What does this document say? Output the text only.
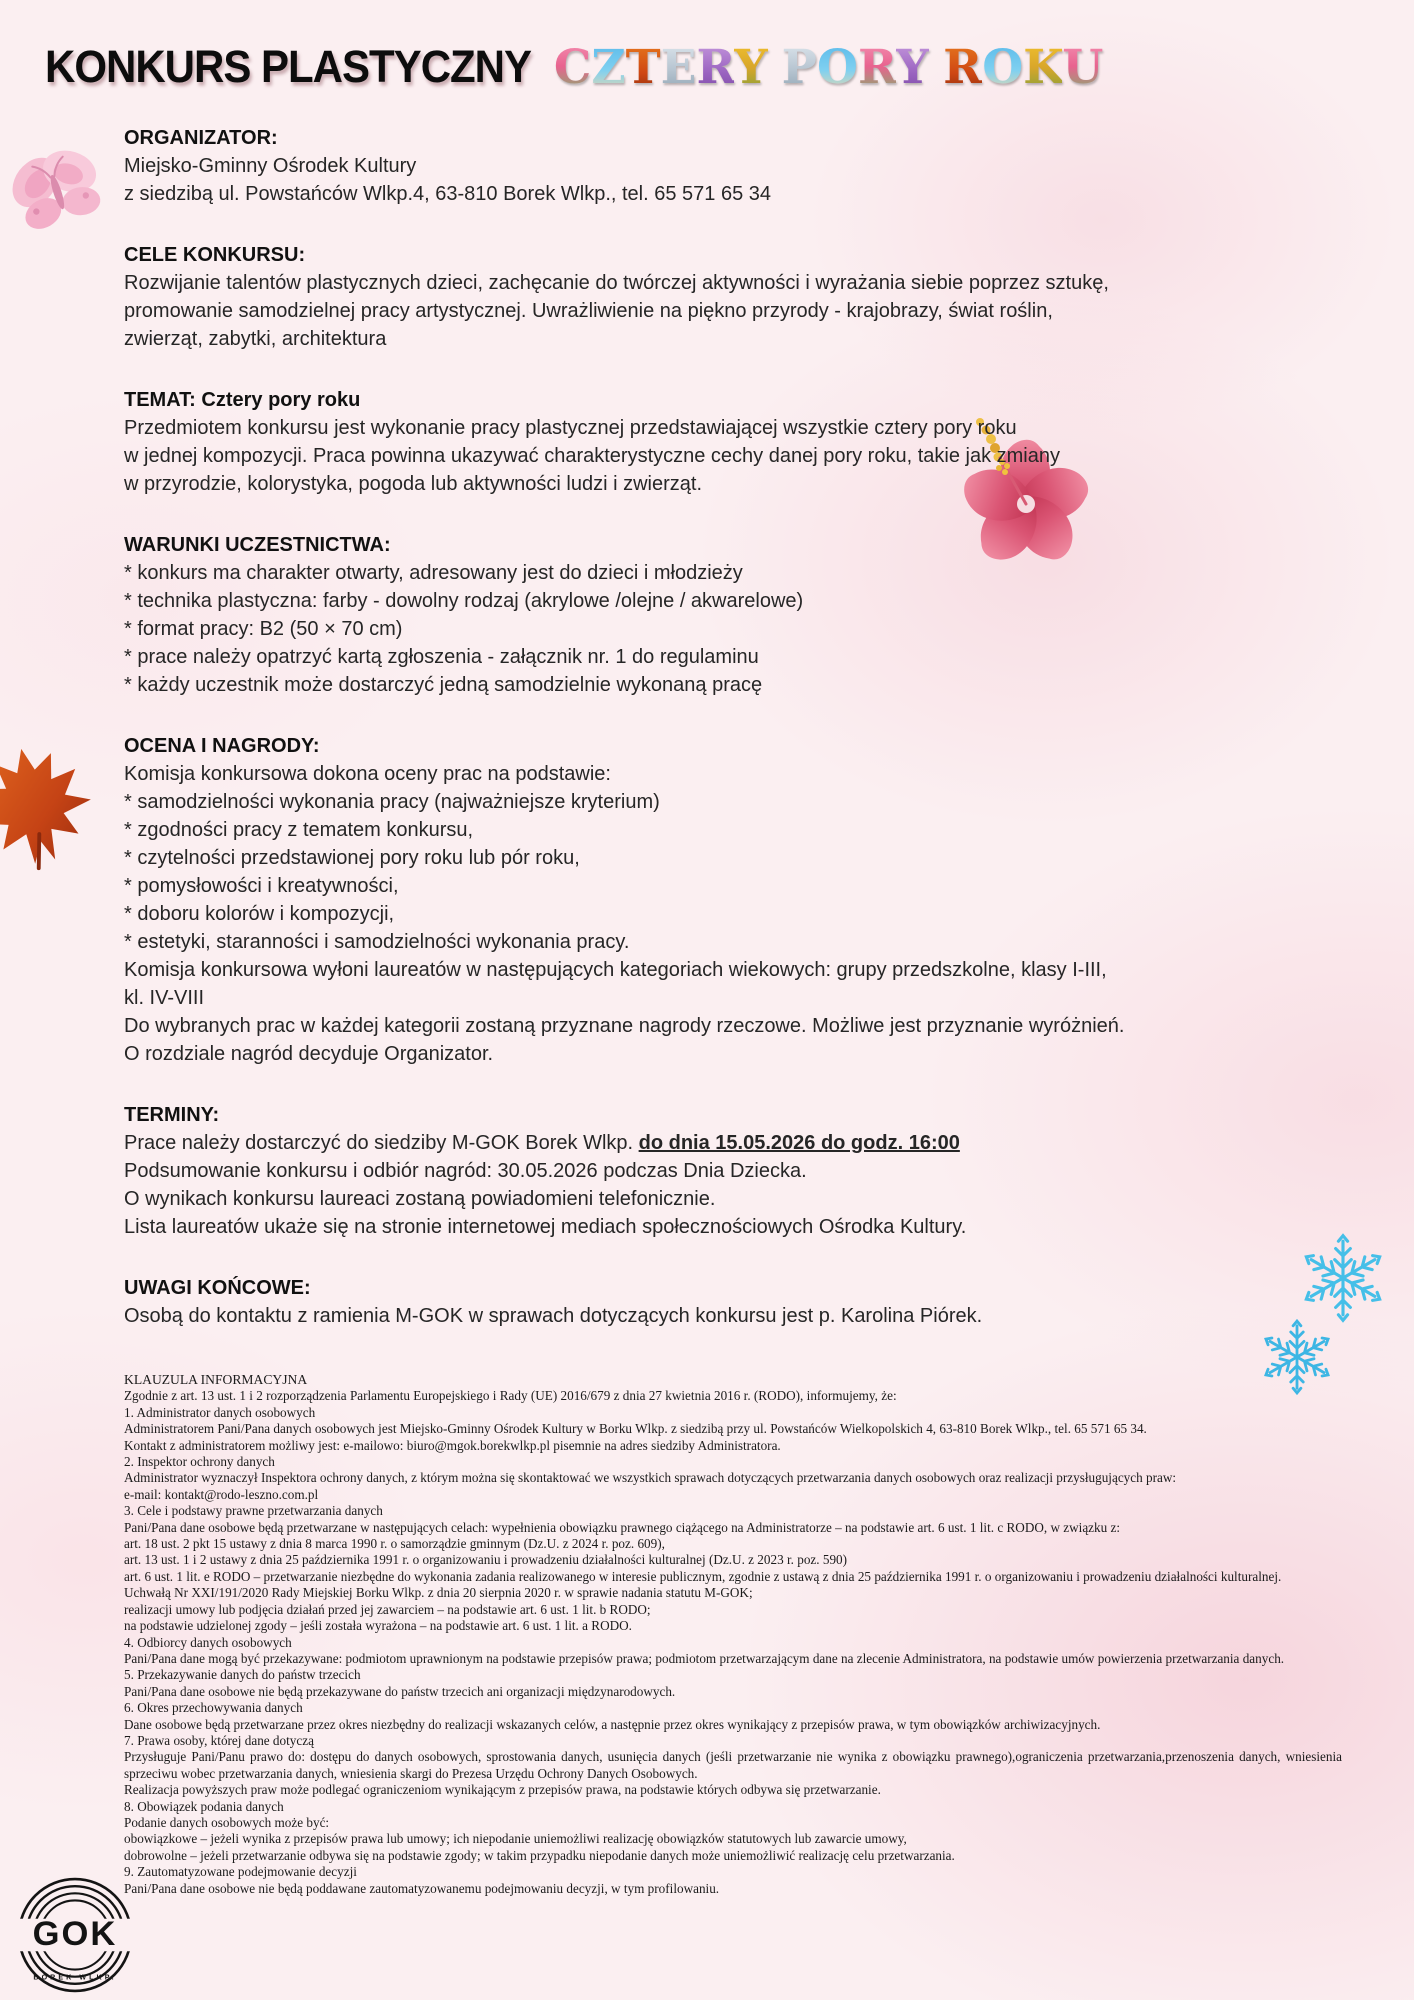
GOK
BOREK WLKP.
KONKURS PLASTYCZNY CZTERY PORY ROKU
ORGANIZATOR:
Miejsko-Gminny Ośrodek Kultury
z siedzibą ul. Powstańców Wlkp.4, 63-810 Borek Wlkp., tel. 65 571 65 34
CELE KONKURSU:
Rozwijanie talentów plastycznych dzieci, zachęcanie do twórczej aktywności i wyrażania siebie poprzez sztukę,
promowanie samodzielnej pracy artystycznej. Uwrażliwienie na piękno przyrody - krajobrazy, świat roślin,
zwierząt, zabytki, architektura
TEMAT: Cztery pory roku
Przedmiotem konkursu jest wykonanie pracy plastycznej przedstawiającej wszystkie cztery pory roku
w jednej kompozycji. Praca powinna ukazywać charakterystyczne cechy danej pory roku, takie jak zmiany
w przyrodzie, kolorystyka, pogoda lub aktywności ludzi i zwierząt.
WARUNKI UCZESTNICTWA:
* konkurs ma charakter otwarty, adresowany jest do dzieci i młodzieży
* technika plastyczna: farby - dowolny rodzaj (akrylowe /olejne / akwarelowe)
* format pracy: B2 (50 × 70 cm)
* prace należy opatrzyć kartą zgłoszenia - załącznik nr. 1 do regulaminu
* każdy uczestnik może dostarczyć jedną samodzielnie wykonaną pracę
OCENA I NAGRODY:
Komisja konkursowa dokona oceny prac na podstawie:
* samodzielności wykonania pracy (najważniejsze kryterium)
* zgodności pracy z tematem konkursu,
* czytelności przedstawionej pory roku lub pór roku,
* pomysłowości i kreatywności,
* doboru kolorów i kompozycji,
* estetyki, staranności i samodzielności wykonania pracy.
Komisja konkursowa wyłoni laureatów w następujących kategoriach wiekowych: grupy przedszkolne, klasy I-III,
kl. IV-VIII
Do wybranych prac w każdej kategorii zostaną przyznane nagrody rzeczowe. Możliwe jest przyznanie wyróżnień.
O rozdziale nagród decyduje Organizator.
TERMINY:
Prace należy dostarczyć do siedziby M-GOK Borek Wlkp. do dnia 15.05.2026 do godz. 16:00
Podsumowanie konkursu i odbiór nagród: 30.05.2026 podczas Dnia Dziecka.
O wynikach konkursu laureaci zostaną powiadomieni telefonicznie.
Lista laureatów ukaże się na stronie internetowej mediach społecznościowych Ośrodka Kultury.
UWAGI KOŃCOWE:
Osobą do kontaktu z ramienia M-GOK w sprawach dotyczących konkursu jest p. Karolina Piórek.
KLAUZULA INFORMACYJNA
Zgodnie z art. 13 ust. 1 i 2 rozporządzenia Parlamentu Europejskiego i Rady (UE) 2016/679 z dnia 27 kwietnia 2016 r. (RODO), informujemy, że:
1. Administrator danych osobowych
Administratorem Pani/Pana danych osobowych jest Miejsko-Gminny Ośrodek Kultury w Borku Wlkp. z siedzibą przy ul. Powstańców Wielkopolskich 4, 63-810 Borek Wlkp., tel. 65 571 65 34.
Kontakt z administratorem możliwy jest: e-mailowo: biuro@mgok.borekwlkp.pl pisemnie na adres siedziby Administratora.
2. Inspektor ochrony danych
Administrator wyznaczył Inspektora ochrony danych, z którym można się skontaktować we wszystkich sprawach dotyczących przetwarzania danych osobowych oraz realizacji przysługujących praw:
e-mail: kontakt@rodo-leszno.com.pl
3. Cele i podstawy prawne przetwarzania danych
Pani/Pana dane osobowe będą przetwarzane w następujących celach: wypełnienia obowiązku prawnego ciążącego na Administratorze – na podstawie art. 6 ust. 1 lit. c RODO, w związku z:
art. 18 ust. 2 pkt 15 ustawy z dnia 8 marca 1990 r. o samorządzie gminnym (Dz.U. z 2024 r. poz. 609),
art. 13 ust. 1 i 2 ustawy z dnia 25 października 1991 r. o organizowaniu i prowadzeniu działalności kulturalnej (Dz.U. z 2023 r. poz. 590)
art. 6 ust. 1 lit. e RODO – przetwarzanie niezbędne do wykonania zadania realizowanego w interesie publicznym, zgodnie z ustawą z dnia 25 października 1991 r. o organizowaniu i prowadzeniu działalności kulturalnej.
Uchwałą Nr XXI/191/2020 Rady Miejskiej Borku Wlkp. z dnia 20 sierpnia 2020 r. w sprawie nadania statutu M-GOK;
realizacji umowy lub podjęcia działań przed jej zawarciem – na podstawie art. 6 ust. 1 lit. b RODO;
na podstawie udzielonej zgody – jeśli została wyrażona – na podstawie art. 6 ust. 1 lit. a RODO.
4. Odbiorcy danych osobowych
Pani/Pana dane mogą być przekazywane: podmiotom uprawnionym na podstawie przepisów prawa; podmiotom przetwarzającym dane na zlecenie Administratora, na podstawie umów powierzenia przetwarzania danych.
5. Przekazywanie danych do państw trzecich
Pani/Pana dane osobowe nie będą przekazywane do państw trzecich ani organizacji międzynarodowych.
6. Okres przechowywania danych
Dane osobowe będą przetwarzane przez okres niezbędny do realizacji wskazanych celów, a następnie przez okres wynikający z przepisów prawa, w tym obowiązków archiwizacyjnych.
7. Prawa osoby, której dane dotyczą
Przysługuje Pani/Panu prawo do: dostępu do danych osobowych, sprostowania danych, usunięcia danych (jeśli przetwarzanie nie wynika z obowiązku prawnego),ograniczenia przetwarzania,przenoszenia danych, wniesienia sprzeciwu wobec przetwarzania danych, wniesienia skargi do Prezesa Urzędu Ochrony Danych Osobowych.
Realizacja powyższych praw może podlegać ograniczeniom wynikającym z przepisów prawa, na podstawie których odbywa się przetwarzanie.
8. Obowiązek podania danych
Podanie danych osobowych może być:
obowiązkowe – jeżeli wynika z przepisów prawa lub umowy; ich niepodanie uniemożliwi realizację obowiązków statutowych lub zawarcie umowy,
dobrowolne – jeżeli przetwarzanie odbywa się na podstawie zgody; w takim przypadku niepodanie danych może uniemożliwić realizację celu przetwarzania.
9. Zautomatyzowane podejmowanie decyzji
Pani/Pana dane osobowe nie będą poddawane zautomatyzowanemu podejmowaniu decyzji, w tym profilowaniu.
